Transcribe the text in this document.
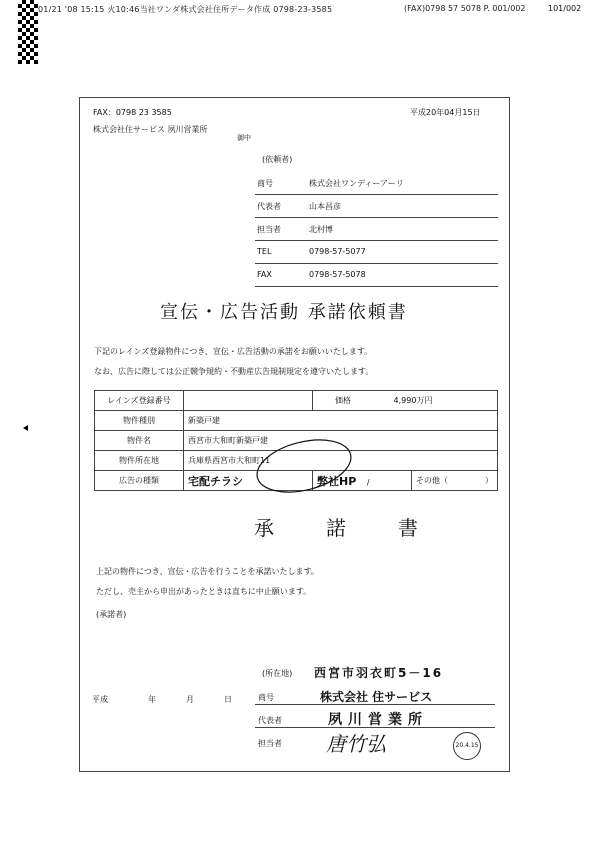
01/21 '08 15:15 火10:46当社ワンダ株式会社住所データ作成 0798-23-3585	(FAX)0798 57 5078 P. 001/002	101/002
FAX：0798 23 3585	平成20年04月15日
株式会社住サービス 夙川営業所
御中
(依頼者)
商号	株式会社ワンディーアーリ
代表者	山本昌彦
担当者	北村博
TEL	0798-57-5077
FAX	0798-57-5078
宣伝・広告活動 承諾依頼書
下記のレインズ登録物件につき、宣伝・広告活動の承諾をお願いいたします。
なお、広告に際しては公正競争規約・不動産広告規制規定を遵守いたします。
レインズ登録番号		価格 4,990万円	
物件種別	新築戸建		
物件名	西宮市大和町新築戸建		
物件所在地	兵庫県西宮市大和町11		
広告の種類	宅配チラシ	弊社HP /	その他（ ）
承	諾	書
上記の物件につき、宣伝・広告を行うことを承諾いたします。
ただし、売主から申出があったときは直ちに中止願います。
(承諾者)
(所在地) 西宮市羽衣町5－16
平成	年	月	日	商号	株式会社 住サービス
代表者	夙川営業所
担当者 唐竹弘	20.4.15
